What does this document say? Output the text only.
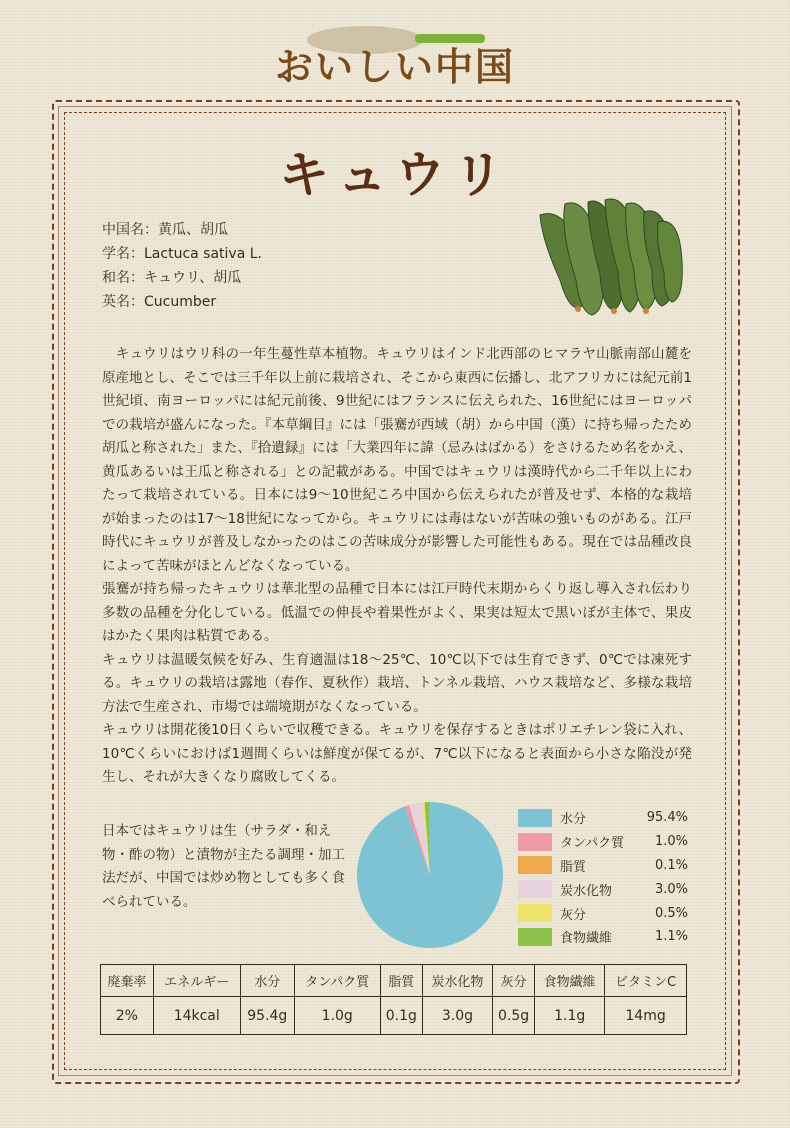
おいしい中国
キュウリ
中国名：黄瓜、胡瓜
学名：Lactuca sativa L.
和名：キュウリ、胡瓜
英名：Cucumber

　キュウリはウリ科の一年生蔓性草本植物。キュウリはインド北西部のヒマラヤ山脈南部山麓を原産地とし、そこでは三千年以上前に栽培され、そこから東西に伝播し、北アフリカには紀元前1世紀頃、南ヨーロッパには紀元前後、9世紀にはフランスに伝えられた、16世紀にはヨーロッパでの栽培が盛んになった。『本草綱目』には「張騫が西域（胡）から中国（漢）に持ち帰ったため胡瓜と称された」また、『拾遺録』には「大業四年に諱（忌みはばかる）をさけるため名をかえ、黄瓜あるいは王瓜と称される」との記載がある。中国ではキュウリは漢時代から二千年以上にわたって栽培されている。日本には9〜10世紀ころ中国から伝えられたが普及せず、本格的な栽培が始まったのは17〜18世紀になってから。キュウリには毒はないが苦味の強いものがある。江戸時代にキュウリが普及しなかったのはこの苦味成分が影響した可能性もある。現在では品種改良によって苦味がほとんどなくなっている。

張騫が持ち帰ったキュウリは華北型の品種で日本には江戸時代末期からくり返し導入され伝わり多数の品種を分化している。低温での伸長や着果性がよく、果実は短太で黒いぼが主体で、果皮はかたく果肉は粘質である。

キュウリは温暖気候を好み、生育適温は18〜25℃、10℃以下では生育できず、0℃では凍死する。キュウリの栽培は露地（春作、夏秋作）栽培、トンネル栽培、ハウス栽培など、多様な栽培方法で生産され、市場では端境期がなくなっている。

キュウリは開花後10日くらいで収穫できる。キュウリを保存するときはポリエチレン袋に入れ、10℃くらいにおけば1週間くらいは鮮度が保てるが、7℃以下になると表面から小さな陥没が発生し、それが大きくなり腐敗してくる。

日本ではキュウリは生（サラダ・和え物・酢の物）と漬物が主たる調理・加工法だが、中国では炒め物としても多く食べられている。
水分	95.4%
タンパク質	1.0%
脂質	0.1%
炭水化物	3.0%
灰分	0.5%
食物繊維	1.1%
廃棄率	エネルギー	水分	タンパク質	脂質	炭水化物	灰分	食物繊維	ビタミンC
2%	14kcal	95.4g	1.0g	0.1g	3.0g	0.5g	1.1g	14mg
